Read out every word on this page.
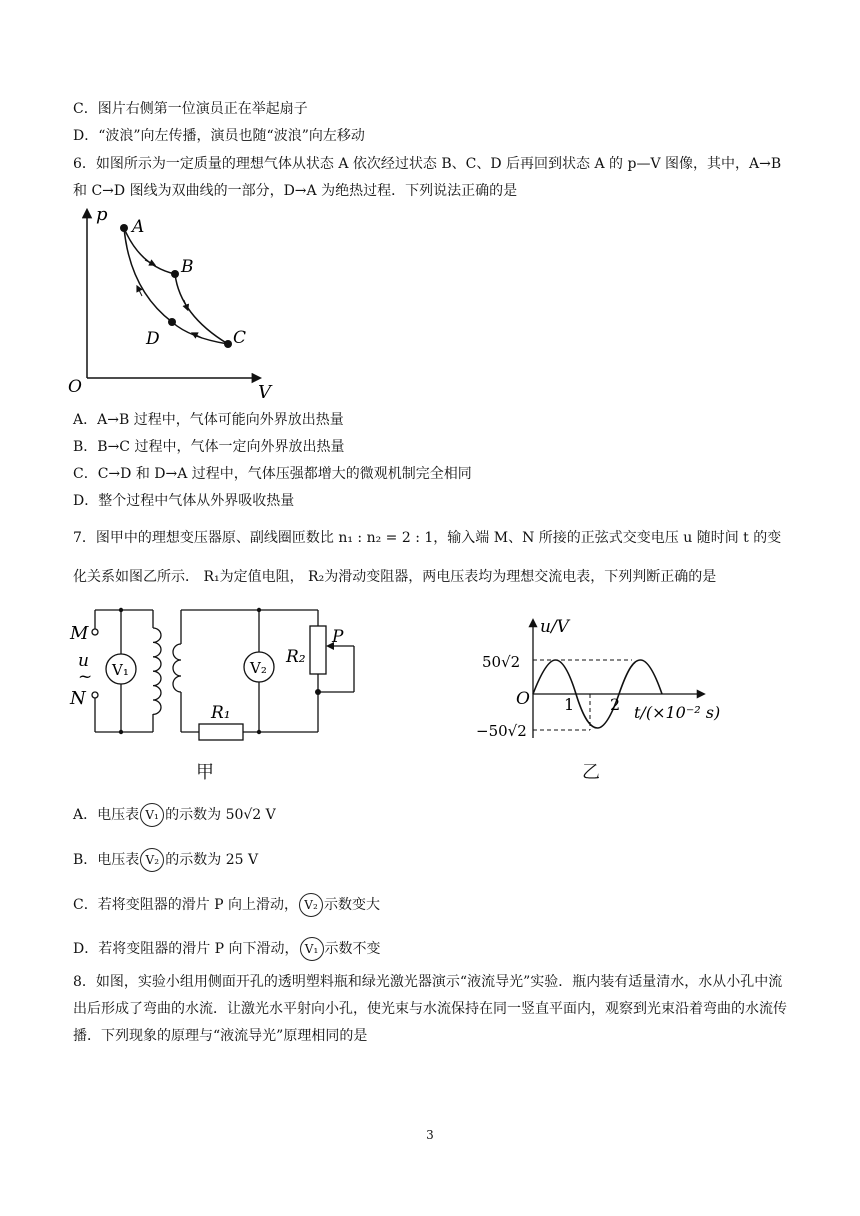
C．图片右侧第一位演员正在举起扇子
D．“波浪”向左传播，演员也随“波浪”向左移动
6．如图所示为一定质量的理想气体从状态 A 依次经过状态 B、C、D 后再回到状态 A 的 p—V 图像，其中，A→B
和 C→D 图线为双曲线的一部分，D→A 为绝热过程．下列说法正确的是
p
V
O
A
B
C
D
A．A→B 过程中，气体可能向外界放出热量
B．B→C 过程中，气体一定向外界放出热量
C．C→D 和 D→A 过程中，气体压强都增大的微观机制完全相同
D．整个过程中气体从外界吸收热量
7．图甲中的理想变压器原、副线圈匝数比 n₁ : n₂ = 2 : 1，输入端 M、N 所接的正弦式交变电压 u 随时间 t 的变
化关系如图乙所示． R₁为定值电阻， R₂为滑动变阻器，两电压表均为理想交流电表，下列判断正确的是
M
u
~
N
V₁	V₂
R₁
R₂
P
甲
u/V
50√2
O 1 2 t/(×10⁻² s)
−50√2
乙
A．电压表 V₁ 的示数为 50√2 V
B．电压表 V₂ 的示数为 25 V
C．若将变阻器的滑片 P 向上滑动， V₂ 示数变大
D．若将变阻器的滑片 P 向下滑动， V₁ 示数不变
8．如图，实验小组用侧面开孔的透明塑料瓶和绿光激光器演示“液流导光”实验．瓶内装有适量清水，水从小孔中流出后形成了弯曲的水流．让激光水平射向小孔，使光束与水流保持在同一竖直平面内，观察到光束沿着弯曲的水流传播．下列现象的原理与“液流导光”原理相同的是
3
